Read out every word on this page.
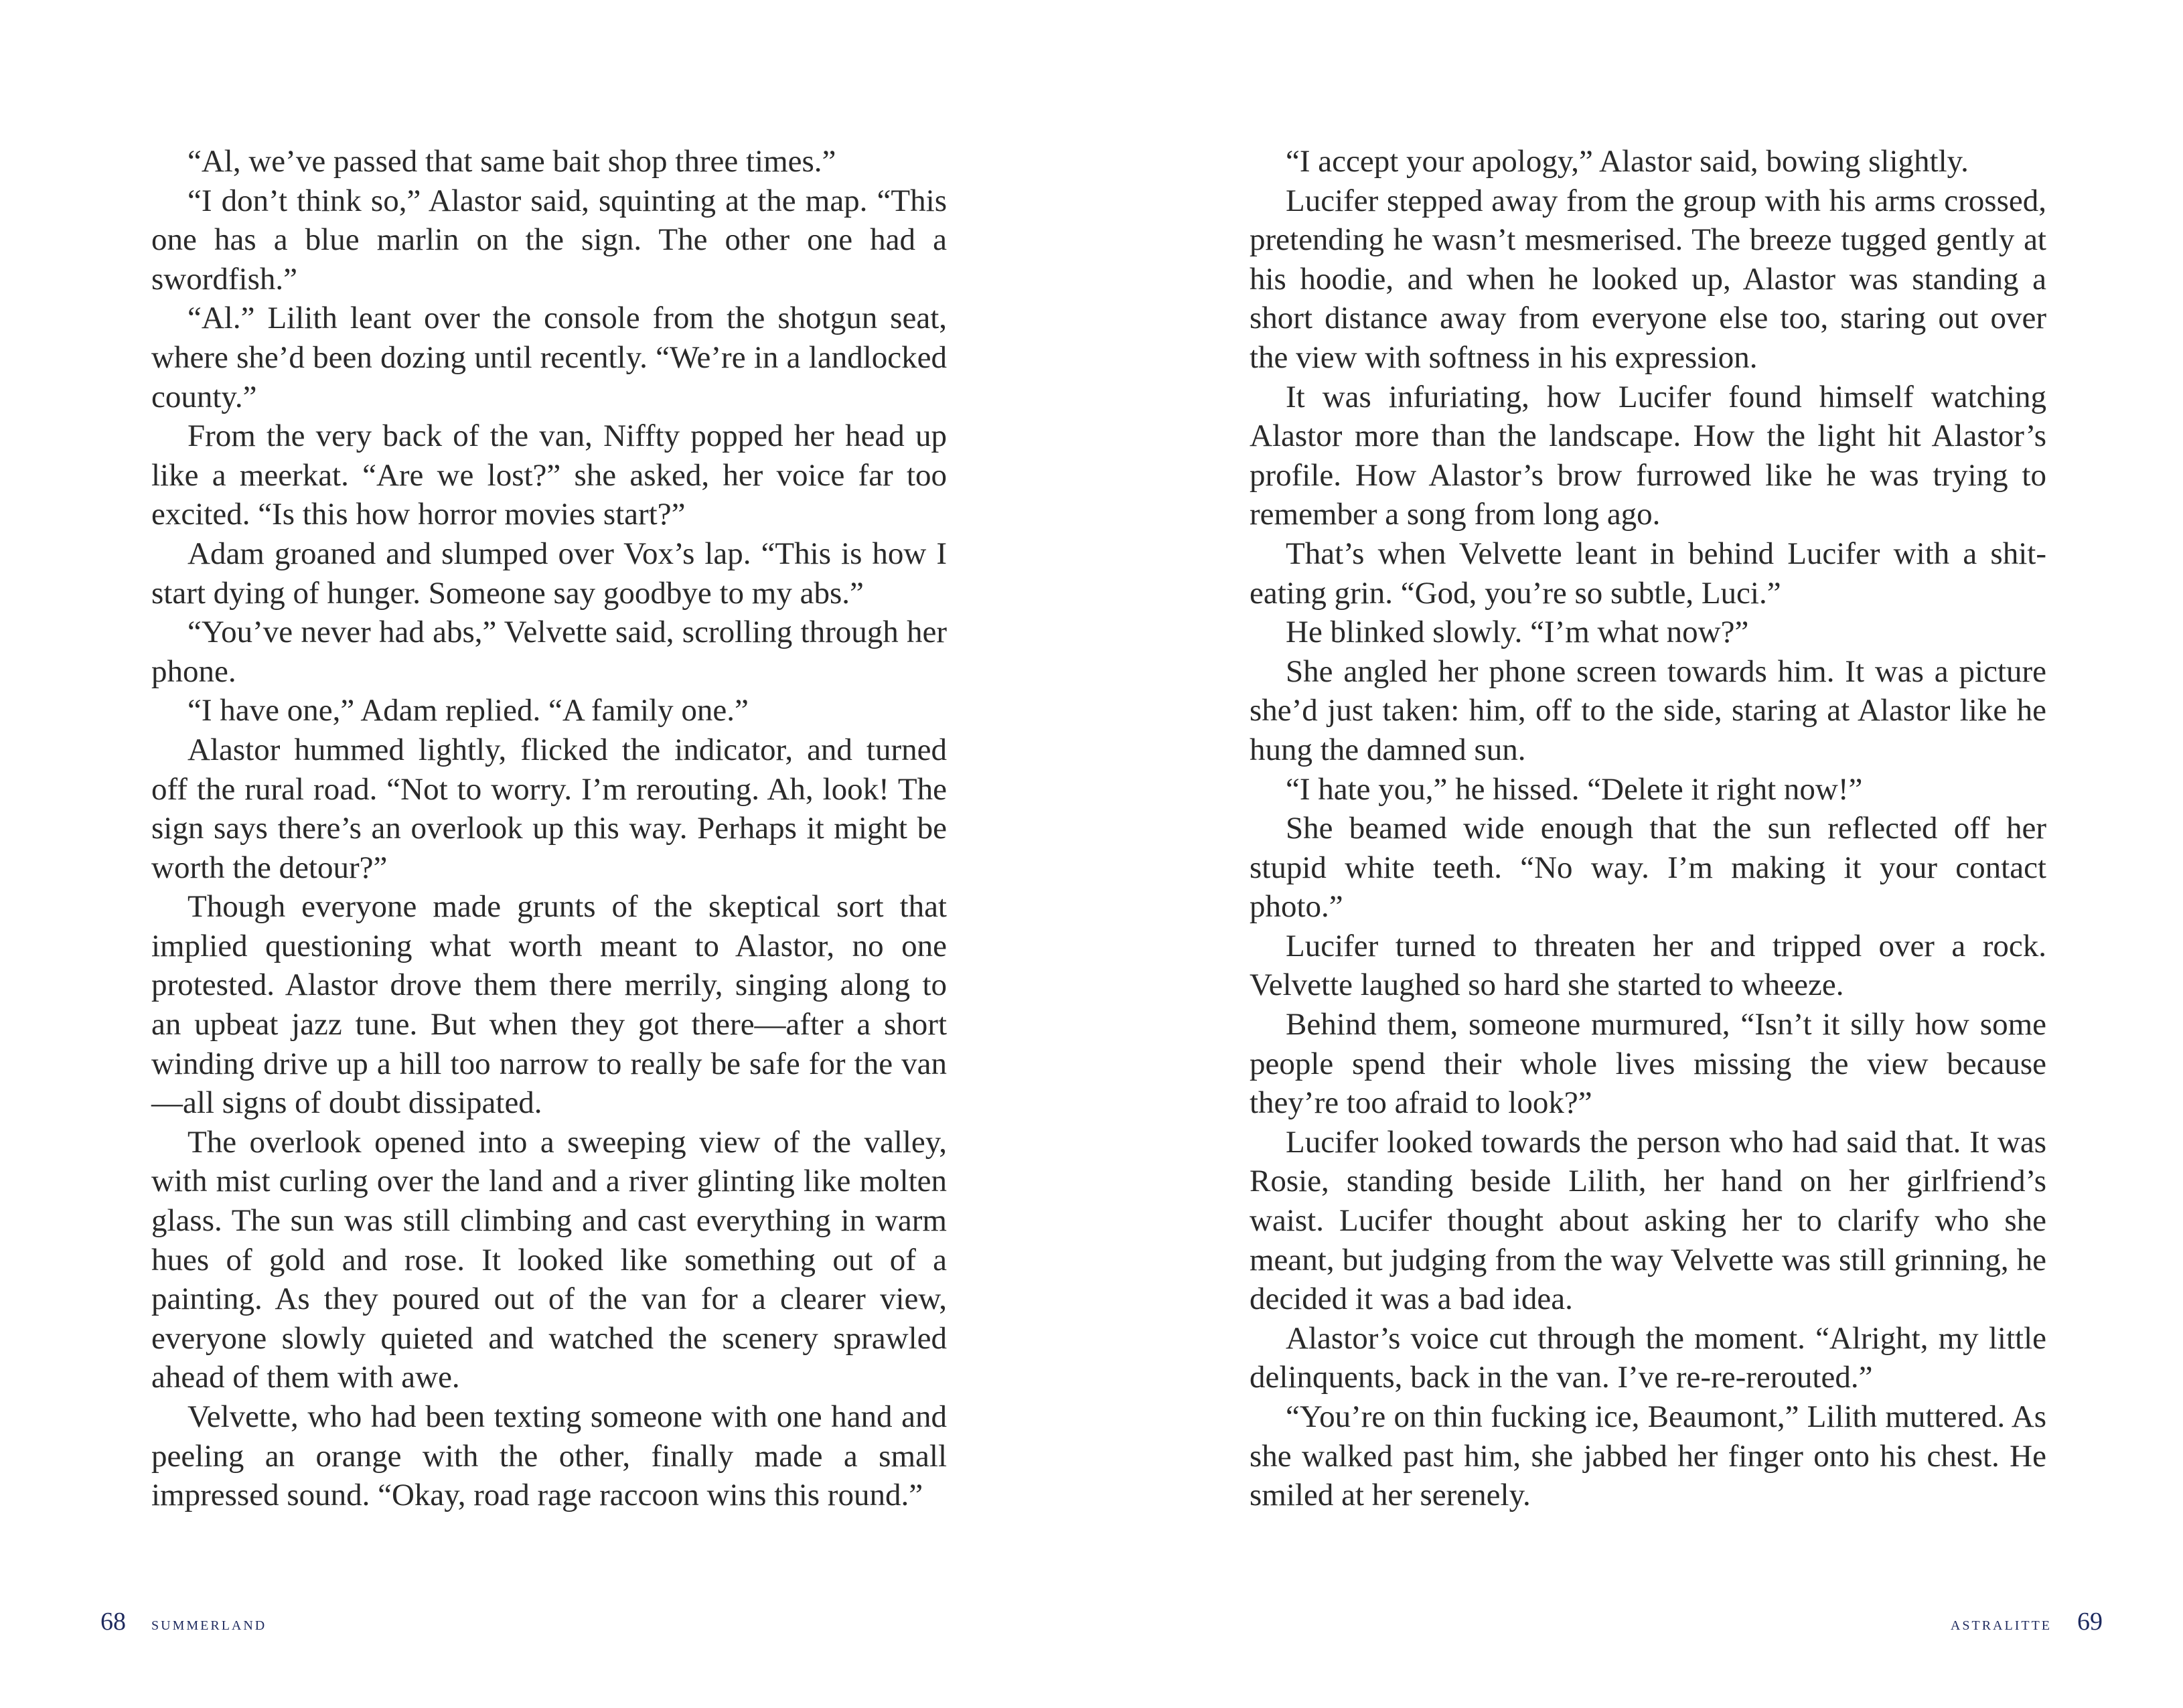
“Al, we’ve passed that same bait shop three times.”

“I don’t think so,” Alastor said, squinting at the map. “This one has a blue marlin on the sign. The other one had a swordfish.”

“Al.” Lilith leant over the console from the shotgun seat, where she’d been dozing until recently. “We’re in a landlocked county.”

From the very back of the van, Niffty popped her head up like a meerkat. “Are we lost?” she asked, her voice far too excited. “Is this how horror movies start?”

Adam groaned and slumped over Vox’s lap. “This is how I start dying of hunger. Someone say goodbye to my abs.”

“You’ve never had abs,” Velvette said, scrolling through her phone.

“I have one,” Adam replied. “A family one.”

Alastor hummed lightly, flicked the indicator, and turned off the rural road. “Not to worry. I’m rerouting. Ah, look! The sign says there’s an overlook up this way. Perhaps it might be worth the detour?”

Though everyone made grunts of the skeptical sort that implied questioning what worth meant to Alastor, no one protested. Alastor drove them there merrily, singing along to an upbeat jazz tune. But when they got there—after a short winding drive up a hill too narrow to really be safe for the van—all signs of doubt dissipated.

The overlook opened into a sweeping view of the valley, with mist curling over the land and a river glinting like molten glass. The sun was still climbing and cast everything in warm hues of gold and rose. It looked like something out of a painting. As they poured out of the van for a clearer view, everyone slowly quieted and watched the scenery sprawled ahead of them with awe.

Velvette, who had been texting someone with one hand and peeling an orange with the other, finally made a small impressed sound. “Okay, road rage raccoon wins this round.”

68 summerland

“I accept your apology,” Alastor said, bowing slightly.

Lucifer stepped away from the group with his arms crossed, pretending he wasn’t mesmerised. The breeze tugged gently at his hoodie, and when he looked up, Alastor was standing a short distance away from everyone else too, staring out over the view with softness in his expression.

It was infuriating, how Lucifer found himself watching Alastor more than the landscape. How the light hit Alastor’s profile. How Alastor’s brow furrowed like he was trying to remember a song from long ago.

That’s when Velvette leant in behind Lucifer with a shit-eating grin. “God, you’re so subtle, Luci.”

He blinked slowly. “I’m what now?”

She angled her phone screen towards him. It was a picture she’d just taken: him, off to the side, staring at Alastor like he hung the damned sun.

“I hate you,” he hissed. “Delete it right now!”

She beamed wide enough that the sun reflected off her stupid white teeth. “No way. I’m making it your contact photo.”

Lucifer turned to threaten her and tripped over a rock. Velvette laughed so hard she started to wheeze.

Behind them, someone murmured, “Isn’t it silly how some people spend their whole lives missing the view because they’re too afraid to look?”

Lucifer looked towards the person who had said that. It was Rosie, standing beside Lilith, her hand on her girlfriend’s waist. Lucifer thought about asking her to clarify who she meant, but judging from the way Velvette was still grinning, he decided it was a bad idea.

Alastor’s voice cut through the moment. “Alright, my little delinquents, back in the van. I’ve re-re-rerouted.”

“You’re on thin fucking ice, Beaumont,” Lilith muttered. As she walked past him, she jabbed her finger onto his chest. He smiled at her serenely.

astralitte 69
